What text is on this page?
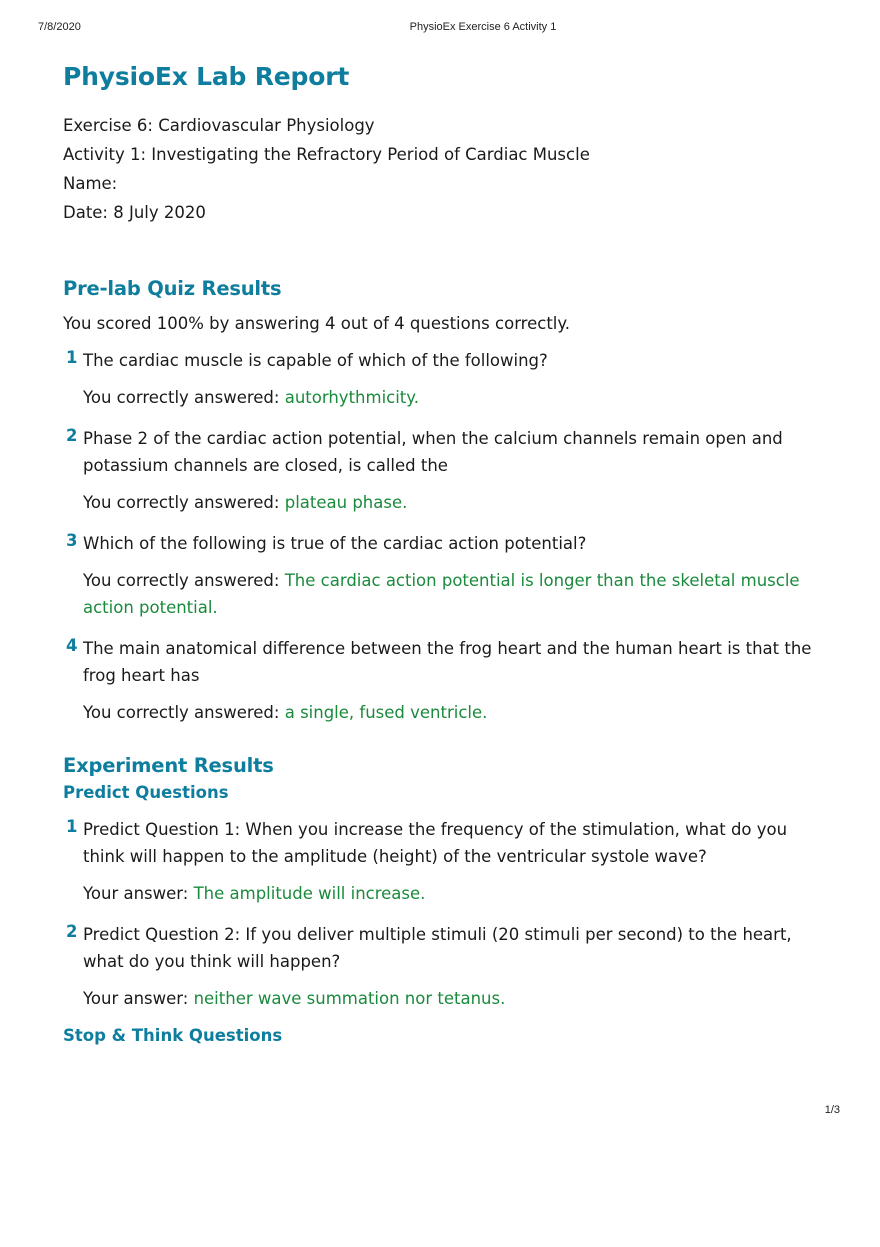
7/8/2020	PhysioEx Exercise 6 Activity 1
PhysioEx Lab Report
Exercise 6: Cardiovascular Physiology
Activity 1: Investigating the Refractory Period of Cardiac Muscle
Name:
Date: 8 July 2020
Pre-lab Quiz Results
You scored 100% by answering 4 out of 4 questions correctly.
1 The cardiac muscle is capable of which of the following?
You correctly answered: autorhythmicity.
2 Phase 2 of the cardiac action potential, when the calcium channels remain open and potassium channels are closed, is called the
You correctly answered: plateau phase.
3 Which of the following is true of the cardiac action potential?
You correctly answered: The cardiac action potential is longer than the skeletal muscle action potential.
4 The main anatomical difference between the frog heart and the human heart is that the frog heart has
You correctly answered: a single, fused ventricle.
Experiment Results
Predict Questions
1 Predict Question 1: When you increase the frequency of the stimulation, what do you think will happen to the amplitude (height) of the ventricular systole wave?
Your answer: The amplitude will increase.
2 Predict Question 2: If you deliver multiple stimuli (20 stimuli per second) to the heart, what do you think will happen?
Your answer: neither wave summation nor tetanus.
Stop & Think Questions
1/3
